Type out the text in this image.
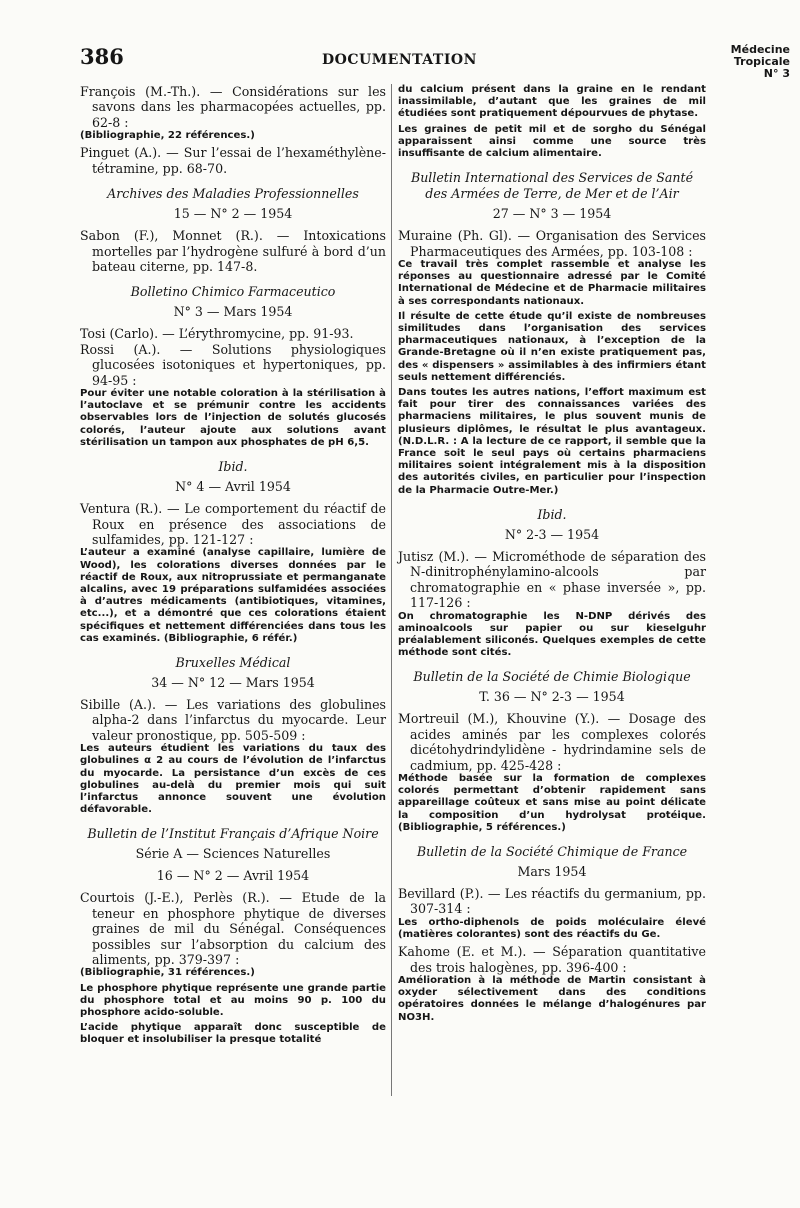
386	DOCUMENTATION
Médecine
Tropicale
N° 3

François (M.-Th.). — Considérations sur les savons dans les pharmacopées actuelles, pp. 62-8 :

(Bibliographie, 22 références.)

Pinguet (A.). — Sur l’essai de l’hexaméthylène-tétramine, pp. 68-70.

Archives des Maladies Professionnelles

15 — N° 2 — 1954

Sabon (F.), Monnet (R.). — Intoxications mortelles par l’hydrogène sulfuré à bord d’un bateau citerne, pp. 147-8.

Bolletino Chimico Farmaceutico

N° 3 — Mars 1954

Tosi (Carlo). — L’érythromycine, pp. 91-93.

Rossi (A.). — Solutions physiologiques glucosées isotoniques et hypertoniques, pp. 94-95 :

Pour éviter une notable coloration à la stérilisation à l’autoclave et se prémunir contre les accidents observables lors de l’injection de solutés glucosés colorés, l’auteur ajoute aux solutions avant stérilisation un tampon aux phosphates de pH 6,5.

Ibid.

N° 4 — Avril 1954

Ventura (R.). — Le comportement du réactif de Roux en présence des associations de sulfamides, pp. 121-127 :

L’auteur a examiné (analyse capillaire, lumière de Wood), les colorations diverses données par le réactif de Roux, aux nitroprussiate et permanganate alcalins, avec 19 préparations sulfamidées associées à d’autres médicaments (antibiotiques, vitamines, etc...), et a démontré que ces colorations étaient spécifiques et nettement différenciées dans tous les cas examinés. (Bibliographie, 6 référ.)

Bruxelles Médical

34 — N° 12 — Mars 1954

Sibille (A.). — Les variations des globulines alpha-2 dans l’infarctus du myocarde. Leur valeur pronostique, pp. 505-509 :

Les auteurs étudient les variations du taux des globulines α 2 au cours de l’évolution de l’infarctus du myocarde. La persistance d’un excès de ces globulines au-delà du premier mois qui suit l’infarctus annonce souvent une évolution défavorable.

Bulletin de l’Institut Français d’Afrique Noire

Série A — Sciences Naturelles

16 — N° 2 — Avril 1954

Courtois (J.-E.), Perlès (R.). — Etude de la teneur en phosphore phytique de diverses graines de mil du Sénégal. Conséquences possibles sur l’absorption du calcium des aliments, pp. 379-397 :

(Bibliographie, 31 références.)

Le phosphore phytique représente une grande partie du phosphore total et au moins 90 p. 100 du phosphore acido-soluble.

L’acide phytique apparaît donc susceptible de bloquer et insolubiliser la presque totalité

du calcium présent dans la graine en le rendant inassimilable, d’autant que les graines de mil étudiées sont pratiquement dépourvues de phytase.

Les graines de petit mil et de sorgho du Sénégal apparaissent ainsi comme une source très insuffisante de calcium alimentaire.

Bulletin International des Services de Santé des Armées de Terre, de Mer et de l’Air

27 — N° 3 — 1954

Muraine (Ph. Gl). — Organisation des Services Pharmaceutiques des Armées, pp. 103-108 :

Ce travail très complet rassemble et analyse les réponses au questionnaire adressé par le Comité International de Médecine et de Pharmacie militaires à ses correspondants nationaux.

Il résulte de cette étude qu’il existe de nombreuses similitudes dans l’organisation des services pharmaceutiques nationaux, à l’exception de la Grande-Bretagne où il n’en existe pratiquement pas, des « dispensers » assimilables à des infirmiers étant seuls nettement différenciés.

Dans toutes les autres nations, l’effort maximum est fait pour tirer des connaissances variées des pharmaciens militaires, le plus souvent munis de plusieurs diplômes, le résultat le plus avantageux. (N.D.L.R. : A la lecture de ce rapport, il semble que la France soit le seul pays où certains pharmaciens militaires soient intégralement mis à la disposition des autorités civiles, en particulier pour l’inspection de la Pharmacie Outre-Mer.)

Ibid.

N° 2-3 — 1954

Jutisz (M.). — Microméthode de séparation des N-dinitrophénylamino-alcools par chromatographie en « phase inversée », pp. 117-126 :

On chromatographie les N-DNP dérivés des aminoalcools sur papier ou sur kieselguhr préalablement siliconés. Quelques exemples de cette méthode sont cités.

Bulletin de la Société de Chimie Biologique

T. 36 — N° 2-3 — 1954

Mortreuil (M.), Khouvine (Y.). — Dosage des acides aminés par les complexes colorés dicétohydrindylidène - hydrindamine sels de cadmium, pp. 425-428 :

Méthode basée sur la formation de complexes colorés permettant d’obtenir rapidement sans appareillage coûteux et sans mise au point délicate la composition d’un hydrolysat protéique. (Bibliographie, 5 références.)

Bulletin de la Société Chimique de France

Mars 1954

Bevillard (P.). — Les réactifs du germanium, pp. 307-314 :

Les ortho-diphenols de poids moléculaire élevé (matières colorantes) sont des réactifs du Ge.

Kahome (E. et M.). — Séparation quantitative des trois halogènes, pp. 396-400 :

Amélioration à la méthode de Martin consistant à oxyder sélectivement dans des conditions opératoires données le mélange d’halogénures par NO3H.
